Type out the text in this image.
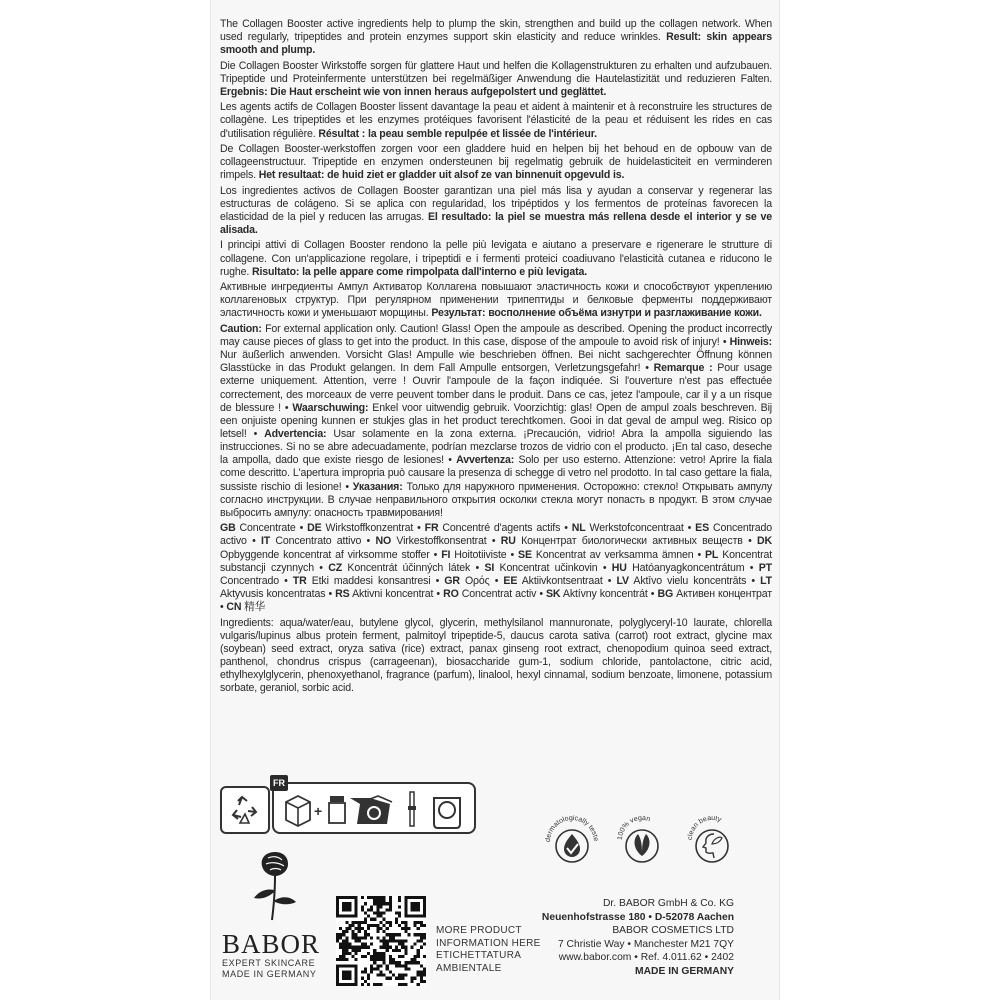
The Collagen Booster active ingredients help to plump the skin, strengthen and build up the collagen network. When used regularly, tripeptides and protein enzymes support skin elasticity and reduce wrinkles. Result: skin appears smooth and plump.

Die Collagen Booster Wirkstoffe sorgen für glattere Haut und helfen die Kollagenstrukturen zu erhalten und aufzubauen. Tripeptide und Proteinfermente unterstützen bei regelmäßiger Anwendung die Hautelastizität und reduzieren Falten. Ergebnis: Die Haut erscheint wie von innen heraus aufgepolstert und geglättet.

Les agents actifs de Collagen Booster lissent davantage la peau et aident à maintenir et à reconstruire les structures de collagène. Les tripeptides et les enzymes protéiques favorisent l'élasticité de la peau et réduisent les rides en cas d'utilisation régulière. Résultat : la peau semble repulpée et lissée de l'intérieur.

De Collagen Booster-werkstoffen zorgen voor een gladdere huid en helpen bij het behoud en de opbouw van de collageenstructuur. Tripeptide en enzymen ondersteunen bij regelmatig gebruik de huidelasticiteit en verminderen rimpels. Het resultaat: de huid ziet er gladder uit alsof ze van binnenuit opgevuld is.

Los ingredientes activos de Collagen Booster garantizan una piel más lisa y ayudan a conservar y regenerar las estructuras de colágeno. Si se aplica con regularidad, los tripéptidos y los fermentos de proteínas favorecen la elasticidad de la piel y reducen las arrugas. El resultado: la piel se muestra más rellena desde el interior y se ve alisada.

I principi attivi di Collagen Booster rendono la pelle più levigata e aiutano a preservare e rigenerare le strutture di collagene. Con un'applicazione regolare, i tripeptidi e i fermenti proteici coadiuvano l'elasticità cutanea e riducono le rughe. Risultato: la pelle appare come rimpolpata dall'interno e più levigata.

Активные ингредиенты Ампул Активатор Коллагена повышают эластичность кожи и способствуют укреплению коллагеновых структур. При регулярном применении трипептиды и белковые ферменты поддерживают эластичность кожи и уменьшают морщины. Результат: восполнение объёма изнутри и разглаживание кожи.

Caution: For external application only. Caution! Glass! Open the ampoule as described. Opening the product incorrectly may cause pieces of glass to get into the product. In this case, dispose of the ampoule to avoid risk of injury! • Hinweis: Nur äußerlich anwenden. Vorsicht Glas! Ampulle wie beschrieben öffnen. Bei nicht sachgerechter Öffnung können Glasstücke in das Produkt gelangen. In dem Fall Ampulle entsorgen, Verletzungsgefahr! • Remarque : Pour usage externe uniquement. Attention, verre ! Ouvrir l'ampoule de la façon indiquée. Si l'ouverture n'est pas effectuée correctement, des morceaux de verre peuvent tomber dans le produit. Dans ce cas, jetez l'ampoule, car il y a un risque de blessure ! • Waarschuwing: Enkel voor uitwendig gebruik. Voorzichtig: glas! Open de ampul zoals beschreven. Bij een onjuiste opening kunnen er stukjes glas in het product terechtkomen. Gooi in dat geval de ampul weg. Risico op letsel! • Advertencia: Usar solamente en la zona externa. ¡Precaución, vidrio! Abra la ampolla siguiendo las instrucciones. Si no se abre adecuadamente, podrían mezclarse trozos de vidrio con el producto. ¡En tal caso, deseche la ampolla, dado que existe riesgo de lesiones! • Avvertenza: Solo per uso esterno. Attenzione: vetro! Aprire la fiala come descritto. L'apertura impropria può causare la presenza di schegge di vetro nel prodotto. In tal caso gettare la fiala, sussiste rischio di lesione! • Указания: Только для наружного применения. Осторожно: стекло! Открывать ампулу согласно инструкции. В случае неправильного открытия осколки стекла могут попасть в продукт. В этом случае выбросить ампулу: опасность травмирования!

GB Concentrate • DE Wirkstoffkonzentrat • FR Concentré d'agents actifs • NL Werkstofconcentraat • ES Concentrado activo • IT Concentrato attivo • NO Virkestoffkonsentrat • RU Концентрат биологически активных веществ • DK Opbyggende koncentrat af virksomme stoffer • FI Hoitotiiviste • SE Koncentrat av verksamma ämnen • PL Koncentrat substancji czynnych • CZ Koncentrát účinných látek • SI Koncentrat učinkovin • HU Hatóanyagkoncentrátum • PT Concentrado • TR Etki maddesi konsantresi • GR Ορός • EE Aktiivkontsentraat • LV Aktīvo vielu koncentrāts • LT Aktyvusis koncentratas • RS Aktivni koncentrat • RO Concentrat activ • SK Aktívny koncentrát • BG Активен концентрат • CN 精华

Ingredients: aqua/water/eau, butylene glycol, glycerin, methylsilanol mannuronate, polyglyceryl-10 laurate, chlorella vulgaris/lupinus albus protein ferment, palmitoyl tripeptide-5, daucus carota sativa (carrot) root extract, glycine max (soybean) seed extract, oryza sativa (rice) extract, panax ginseng root extract, chenopodium quinoa seed extract, panthenol, chondrus crispus (carrageenan), biosaccharide gum-1, sodium chloride, pantolactone, citric acid, ethylhexylglycerin, phenoxyethanol, fragrance (parfum), linalool, hexyl cinnamal, sodium benzoate, limonene, potassium sorbate, geraniol, sorbic acid.

+
FR
BABOR
EXPERT SKINCARE
MADE IN GERMANY
MORE PRODUCT
INFORMATION HERE
ETICHETTATURA
AMBIENTALE
dermatologically teste	100% vegan
clean beauty
Dr. BABOR GmbH & Co. KG
Neuenhofstrasse 180 • D-52078 Aachen
BABOR COSMETICS LTD
7 Christie Way • Manchester M21 7QY
www.babor.com • Ref. 4.011.62 • 2402
MADE IN GERMANY
